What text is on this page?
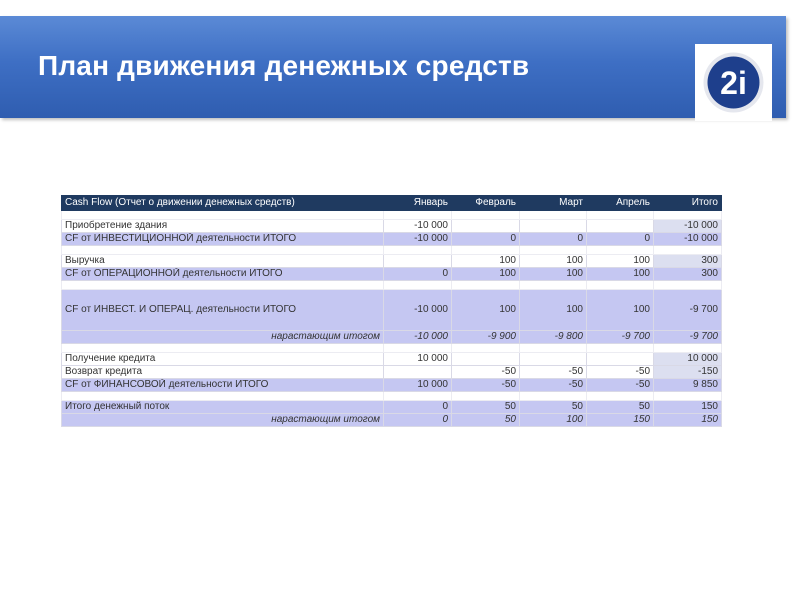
План движения денежных средств	2i
Cash Flow (Отчет о движении денежных средств)	Январь	Февраль	Март	Апрель	Итого

Приобретение здания	-10 000				-10 000
CF от ИНВЕСТИЦИОННОЙ деятельности ИТОГО	-10 000	0	0	0	-10 000

Выручка		100	100	100	300
CF от ОПЕРАЦИОННОЙ деятельности ИТОГО	0	100	100	100	300

CF от ИНВЕСТ. И ОПЕРАЦ. деятельности ИТОГО	-10 000	100	100	100	-9 700
нарастающим итогом	-10 000	-9 900	-9 800	-9 700	-9 700

Получение кредита	10 000				10 000
Возврат кредита		-50	-50	-50	-150
CF от ФИНАНСОВОЙ деятельности ИТОГО	10 000	-50	-50	-50	9 850

Итого денежный поток	0	50	50	50	150
нарастающим итогом	0	50	100	150	150
